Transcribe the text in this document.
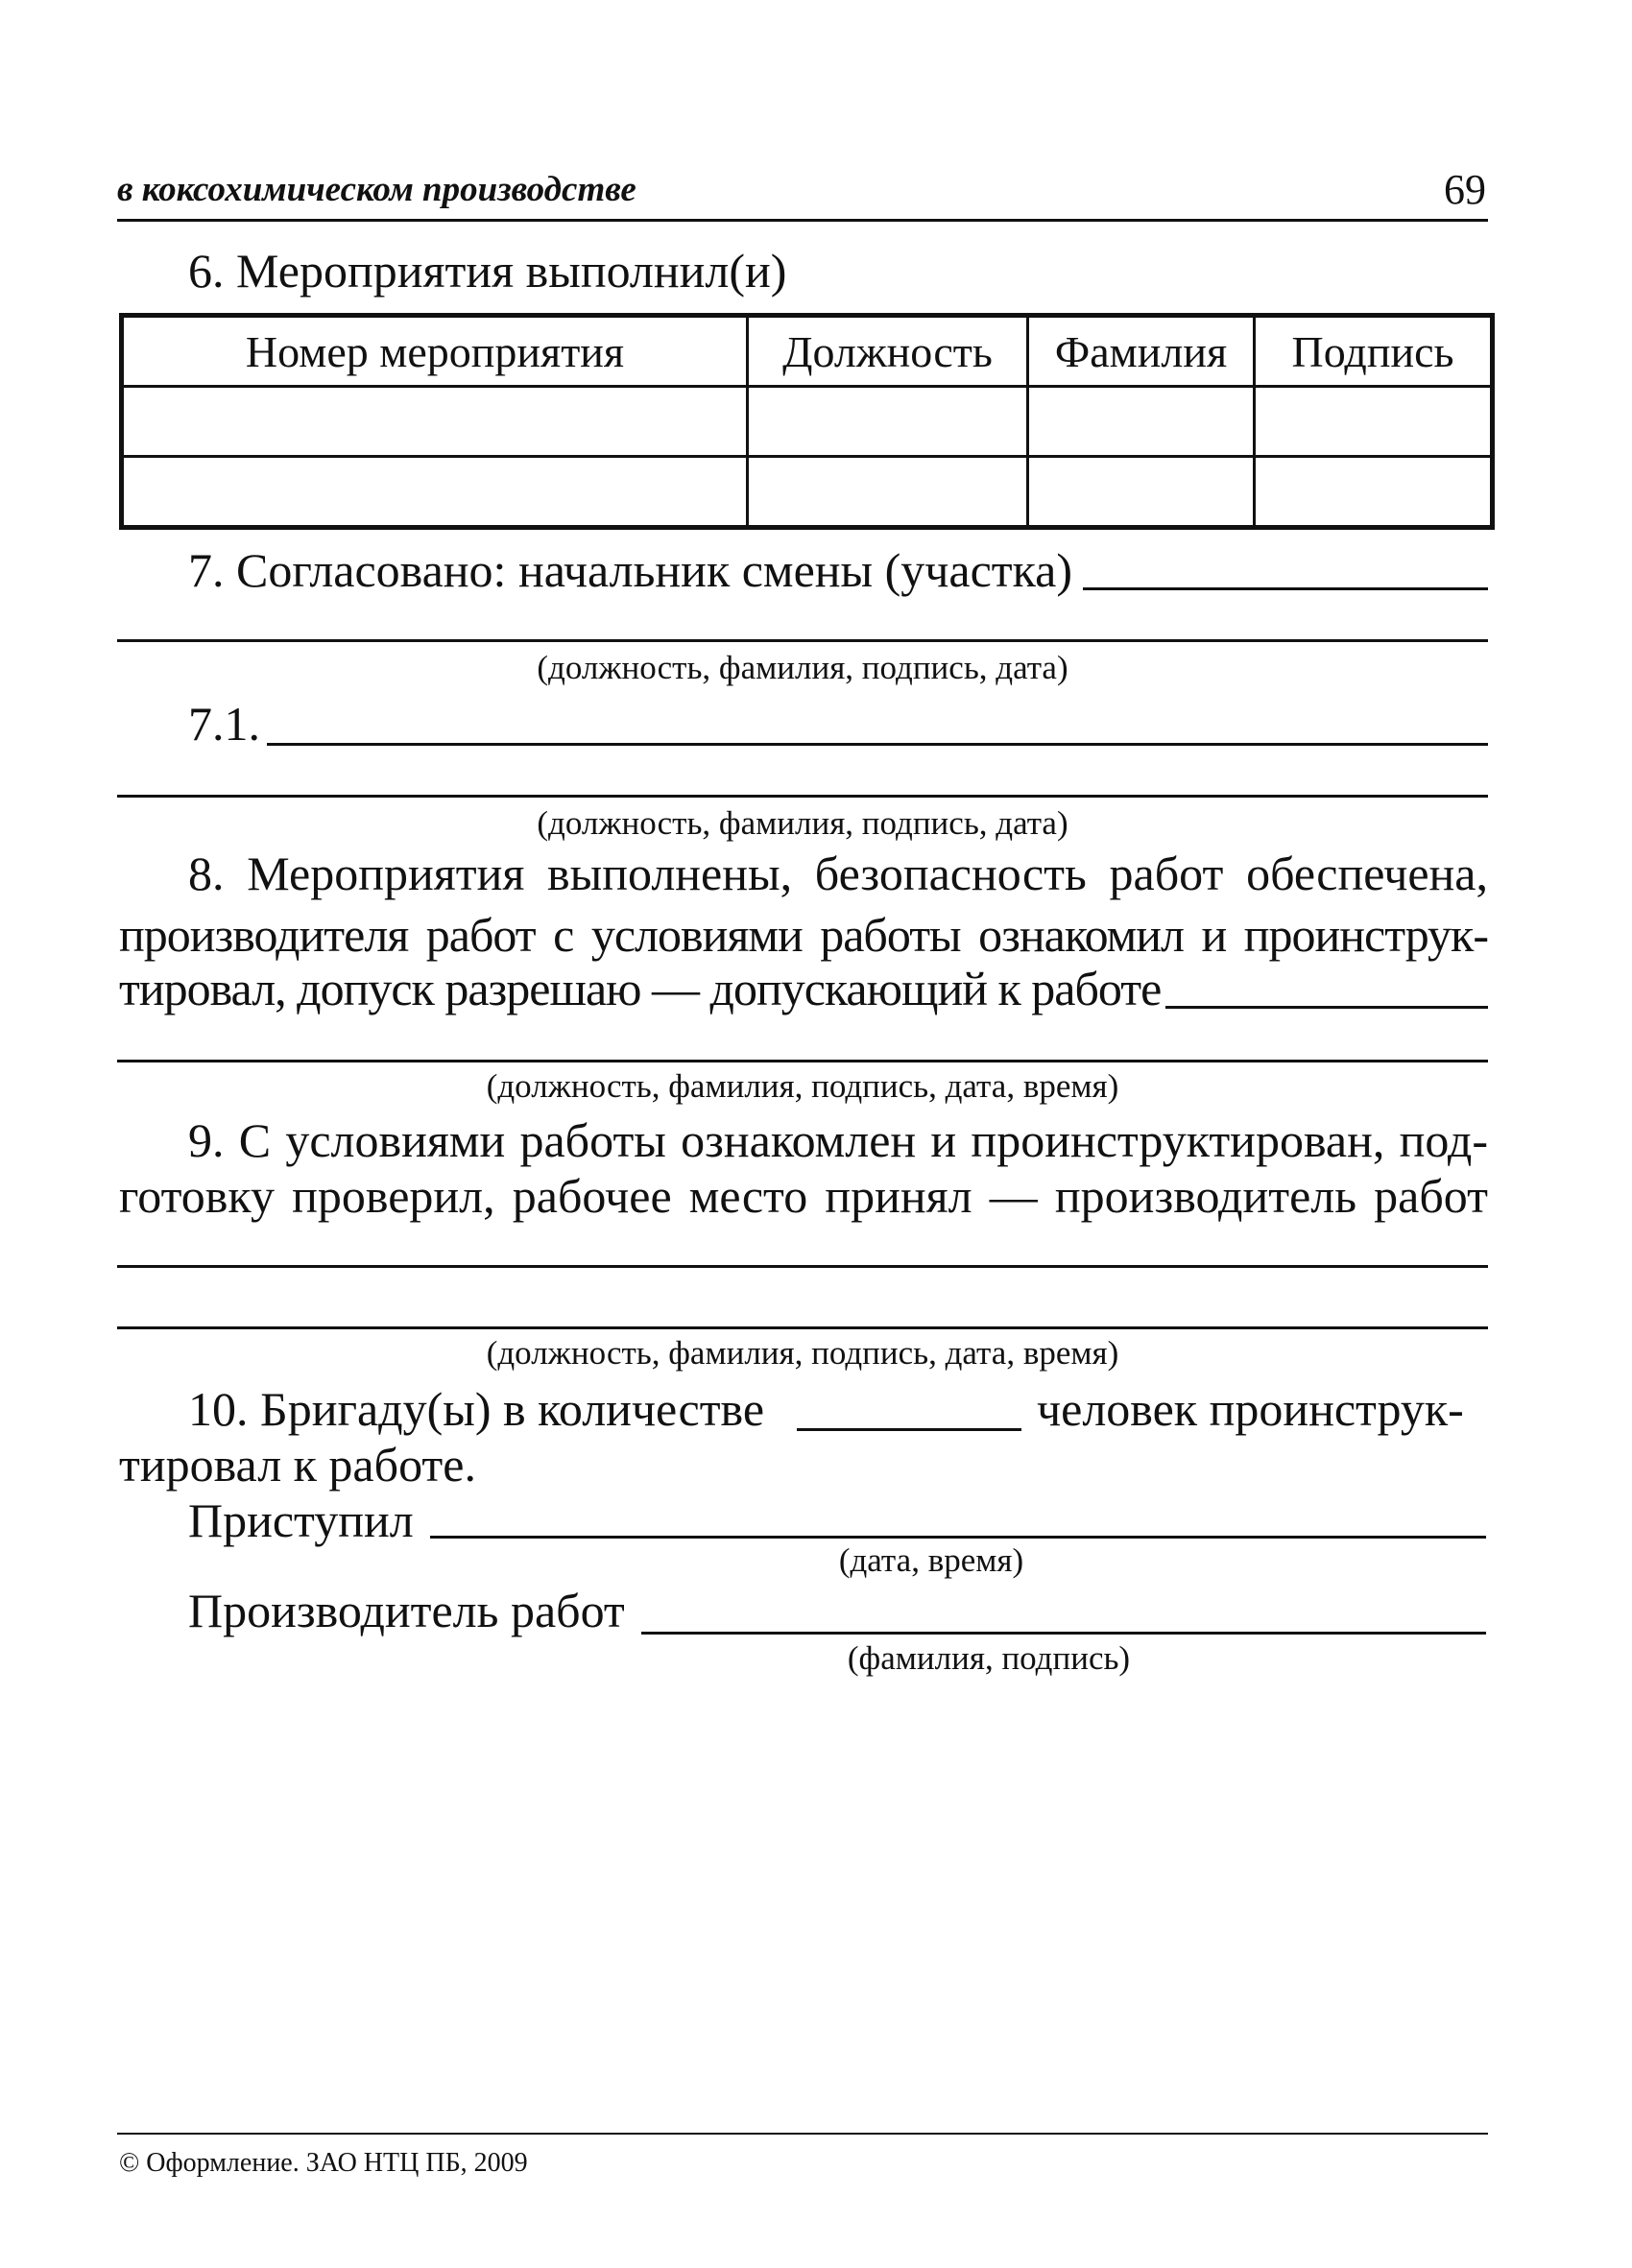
в коксохимическом производстве	69
6. Мероприятия выполнил(и)
Номер мероприятия	Должность	Фамилия	Подпись

7. Согласовано: начальник смены (участка)
(должность, фамилия, подпись, дата)
7.1.
(должность, фамилия, подпись, дата)
8. Мероприятия выполнены, безопасность работ обеспечена,
производителя работ с условиями работы ознакомил и проинструк-
тировал, допуск разрешаю — допускающий к работе
(должность, фамилия, подпись, дата, время)
9. С условиями работы ознакомлен и проинструктирован, под-
готовку проверил, рабочее место принял — производитель работ
(должность, фамилия, подпись, дата, время)
10. Бригаду(ы) в количестве	человек проинструк-
тировал к работе.
Приступил
(дата, время)
Производитель работ
(фамилия, подпись)
© Оформление. ЗАО НТЦ ПБ, 2009
